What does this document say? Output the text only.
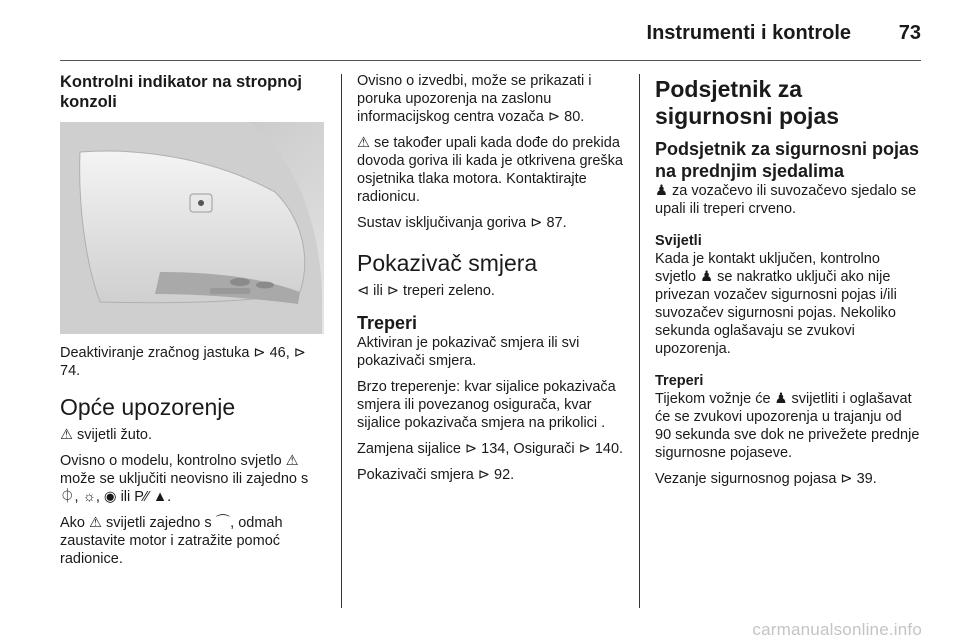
Instrumenti i kontrole 73
Kontrolni indikator na stropnoj konzoli

Deaktiviranje zračnog jastuka ⊳ 46, ⊳ 74.

Opće upozorenje

⚠ svijetli žuto.

Ovisno o modelu, kontrolno svjetlo ⚠ može se uključiti neovisno ili zajedno s ⏀, ☼, ◉ ili P⁄⁄ ▲.

Ako ⚠ svijetli zajedno s ⌒, odmah zaustavite motor i zatražite pomoć radionice.

Ovisno o izvedbi, može se prikazati i poruka upozorenja na zaslonu informacijskog centra vozača ⊳ 80.

⚠ se također upali kada dođe do prekida dovoda goriva ili kada je otkrivena greška osjetnika tlaka motora. Kontaktirajte radionicu.

Sustav isključivanja goriva ⊳ 87.

Pokazivač smjera

⊲ ili ⊳ treperi zeleno.

Treperi

Aktiviran je pokazivač smjera ili svi pokazivači smjera.

Brzo treperenje: kvar sijalice pokazivača smjera ili povezanog osigurača, kvar sijalice pokazivača smjera na prikolici .

Zamjena sijalice ⊳ 134, Osigurači ⊳ 140.

Pokazivači smjera ⊳ 92.

Podsjetnik za sigurnosni pojas
Podsjetnik za sigurnosni pojas na prednjim sjedalima

♟ za vozačevo ili suvozačevo sjedalo se upali ili treperi crveno.

Svijetli

Kada je kontakt uključen, kontrolno svjetlo ♟ se nakratko uključi ako nije privezan vozačev sigurnosni pojas i/ili suvozačev sigurnosni pojas. Nekoliko sekunda oglašavaju se zvukovi upozorenja.

Treperi

Tijekom vožnje će ♟ svijetliti i oglašavat će se zvukovi upozorenja u trajanju od 90 sekunda sve dok ne privežete prednje sigurnosne pojaseve.

Vezanje sigurnosnog pojasa ⊳ 39.

carmanualsonline.info
